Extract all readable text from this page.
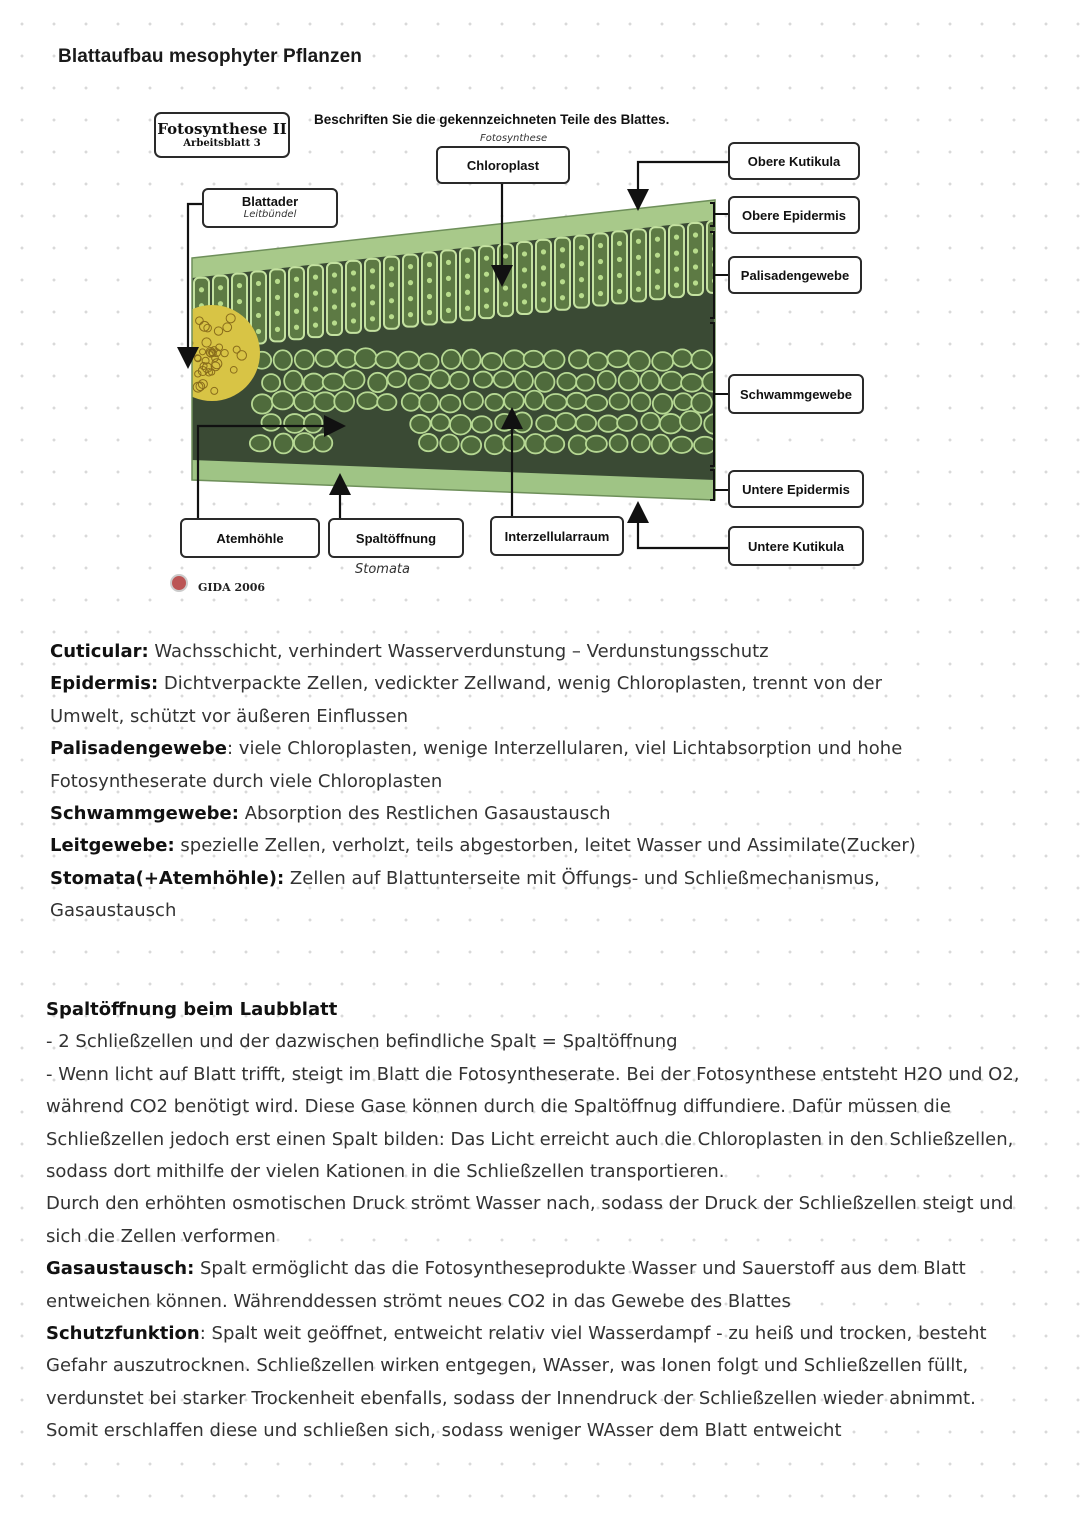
Blattaufbau mesophyter Pflanzen
Fotosynthese II
Arbeitsblatt 3
Beschriften Sie die gekennzeichneten Teile des Blattes.
Chloroplast
Fotosynthese
Blattader
Leitbündel
Obere Kutikula
Obere Epidermis
Palisadengewebe
Schwammgewebe
Untere Epidermis
Untere Kutikula
Atemhöhle	Spaltöffnung
Stomata
Interzellularraum
GIDA 2006

Cuticular: Wachsschicht, verhindert Wasserverdunstung – Verdunstungsschutz

Epidermis: Dichtverpackte Zellen, vedickter Zellwand, wenig Chloroplasten, trennt von der Umwelt, schützt vor äußeren Einflussen

Palisadengewebe: viele Chloroplasten, wenige Interzellularen, viel Lichtabsorption und hohe Fotosyntheserate durch viele Chloroplasten

Schwammgewebe: Absorption des Restlichen Gasaustausch

Leitgewebe: spezielle Zellen, verholzt, teils abgestorben, leitet Wasser und Assimilate(Zucker)

Stomata(+Atemhöhle): Zellen auf Blattunterseite mit Öffungs- und Schließmechanismus, Gasaustausch

Spaltöffnung beim Laubblatt

- 2 Schließzellen und der dazwischen befindliche Spalt = Spaltöffnung

- Wenn licht auf Blatt trifft, steigt im Blatt die Fotosyntheserate. Bei der Fotosynthese entsteht H2O und O2, während CO2 benötigt wird. Diese Gase können durch die Spaltöffnug diffundiere. Dafür müssen die Schließzellen jedoch erst einen Spalt bilden: Das Licht erreicht auch die Chloroplasten in den Schließzellen, sodass dort mithilfe der vielen Kationen in die Schließzellen transportieren.

Durch den erhöhten osmotischen Druck strömt Wasser nach, sodass der Druck der Schließzellen steigt und sich die Zellen verformen

Gasaustausch: Spalt ermöglicht das die Fotosyntheseprodukte Wasser und Sauerstoff aus dem Blatt entweichen können. Währenddessen strömt neues CO2 in das Gewebe des Blattes

Schutzfunktion: Spalt weit geöffnet, entweicht relativ viel Wasserdampf - zu heiß und trocken, besteht Gefahr auszutrocknen. Schließzellen wirken entgegen, WAsser, was Ionen folgt und Schließzellen füllt, verdunstet bei starker Trockenheit ebenfalls, sodass der Innendruck der Schließzellen wieder abnimmt. Somit erschlaffen diese und schließen sich, sodass weniger WAsser dem Blatt entweicht
